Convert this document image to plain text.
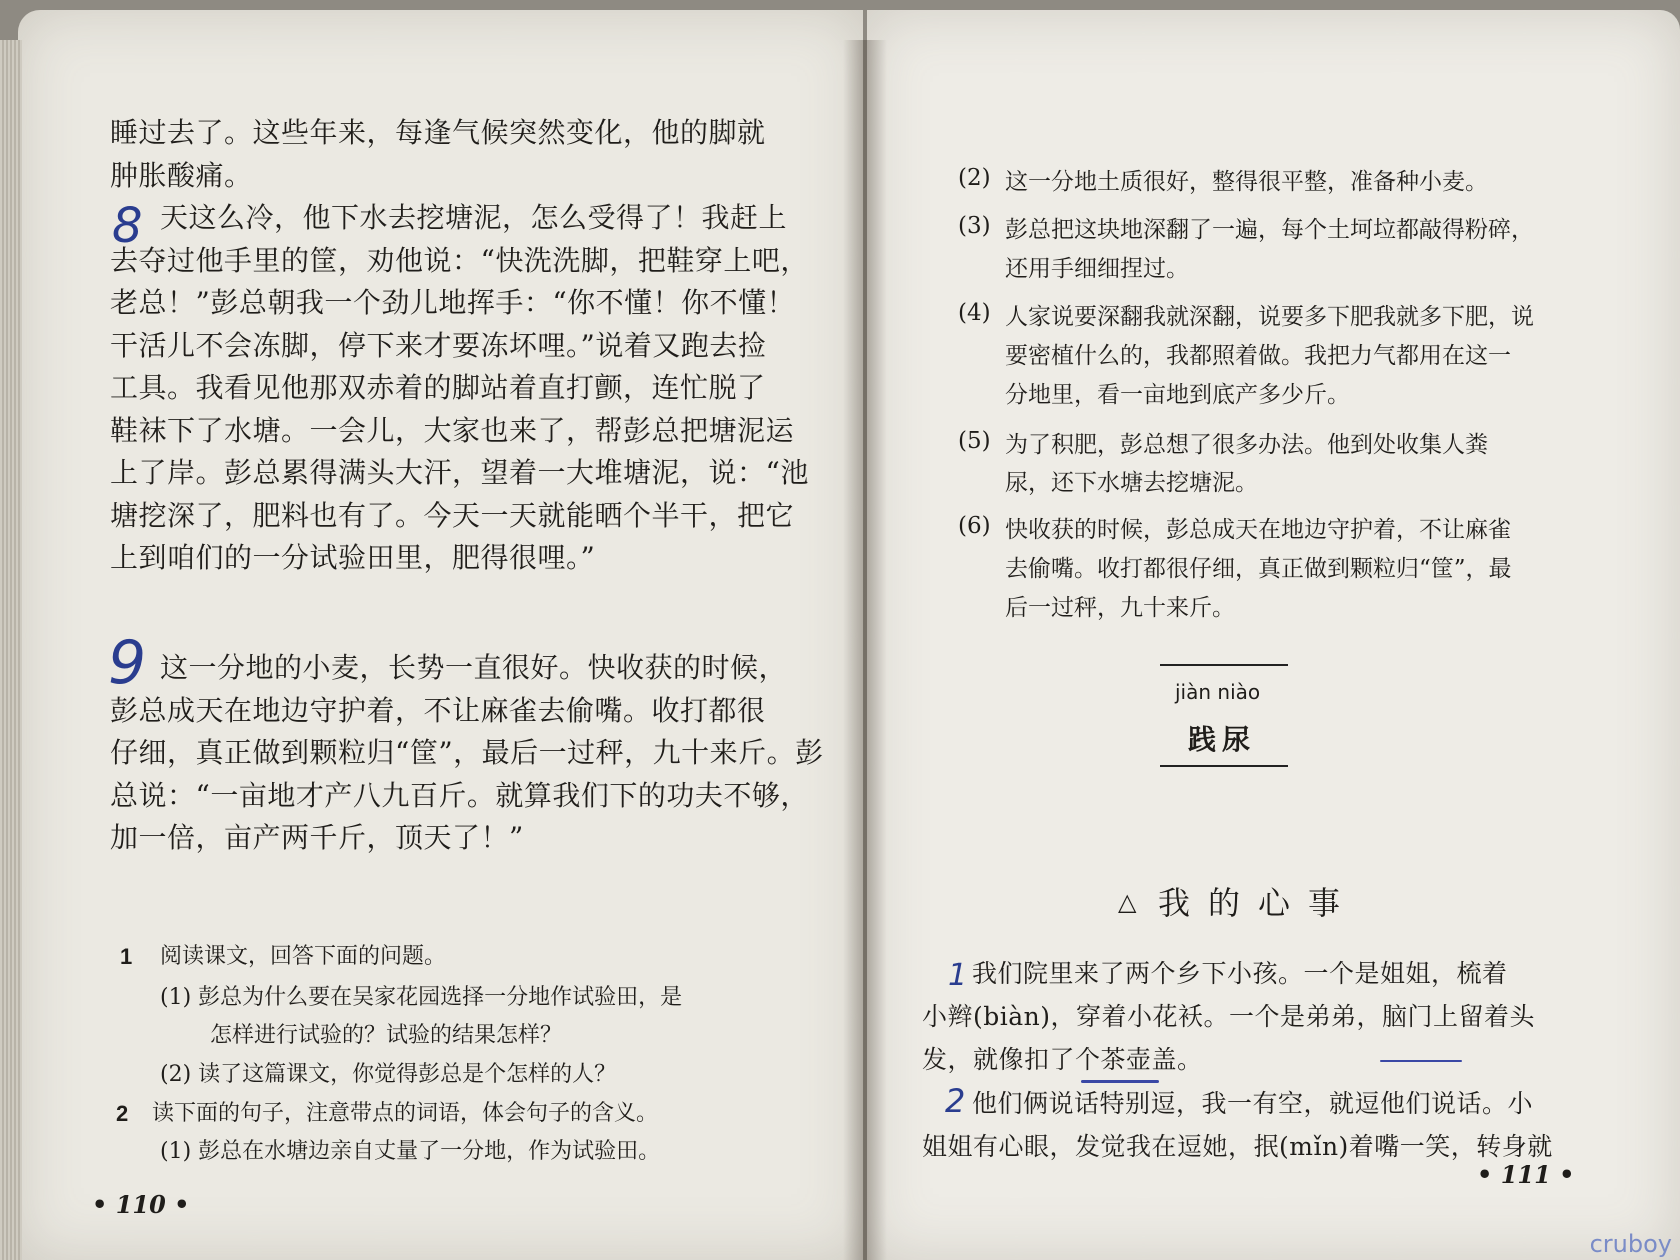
睡过去了。这些年来，每逢气候突然变化，他的脚就
肿胀酸痛。
8 天这么冷，他下水去挖塘泥，怎么受得了！我赶上
去夺过他手里的筐，劝他说：“快洗洗脚，把鞋穿上吧，
老总！”彭总朝我一个劲儿地挥手：“你不懂！你不懂！
干活儿不会冻脚，停下来才要冻坏哩。”说着又跑去捡
工具。我看见他那双赤着的脚站着直打颤，连忙脱了
鞋袜下了水塘。一会儿，大家也来了，帮彭总把塘泥运
上了岸。彭总累得满头大汗，望着一大堆塘泥，说：“池
塘挖深了，肥料也有了。今天一天就能晒个半干，把它
上到咱们的一分试验田里，肥得很哩。”
9 这一分地的小麦，长势一直很好。快收获的时候，
彭总成天在地边守护着，不让麻雀去偷嘴。收打都很
仔细，真正做到颗粒归“筐”，最后一过秤，九十来斤。彭
总说：“一亩地才产八九百斤。就算我们下的功夫不够，
加一倍，亩产两千斤，顶天了！”
1 阅读课文，回答下面的问题。
(1) 彭总为什么要在吴家花园选择一分地作试验田，是
怎样进行试验的？试验的结果怎样？
(2) 读了这篇课文，你觉得彭总是个怎样的人？
2 读下面的句子，注意带点的词语，体会句子的含义。
(1) 彭总在水塘边亲自丈量了一分地，作为试验田。
• 110 •
(2) 这一分地土质很好，整得很平整，准备种小麦。
(3) 彭总把这块地深翻了一遍，每个土坷垃都敲得粉碎，
还用手细细捏过。
(4) 人家说要深翻我就深翻，说要多下肥我就多下肥，说
要密植什么的，我都照着做。我把力气都用在这一
分地里，看一亩地到底产多少斤。
(5) 为了积肥，彭总想了很多办法。他到处收集人粪
尿，还下水塘去挖塘泥。
(6) 快收获的时候，彭总成天在地边守护着，不让麻雀
去偷嘴。收打都很仔细，真正做到颗粒归“筐”，最
后一过秤，九十来斤。
jiàn niào
践尿
△ 我的心事
1 我们院里来了两个乡下小孩。一个是姐姐，梳着
小辫(biàn)，穿着小花袄。一个是弟弟，脑门上留着头
发，就像扣了个茶壶盖。
2 他们俩说话特别逗，我一有空，就逗他们说话。小
姐姐有心眼，发觉我在逗她，抿(mǐn)着嘴一笑，转身就
• 111 •
cruboy
